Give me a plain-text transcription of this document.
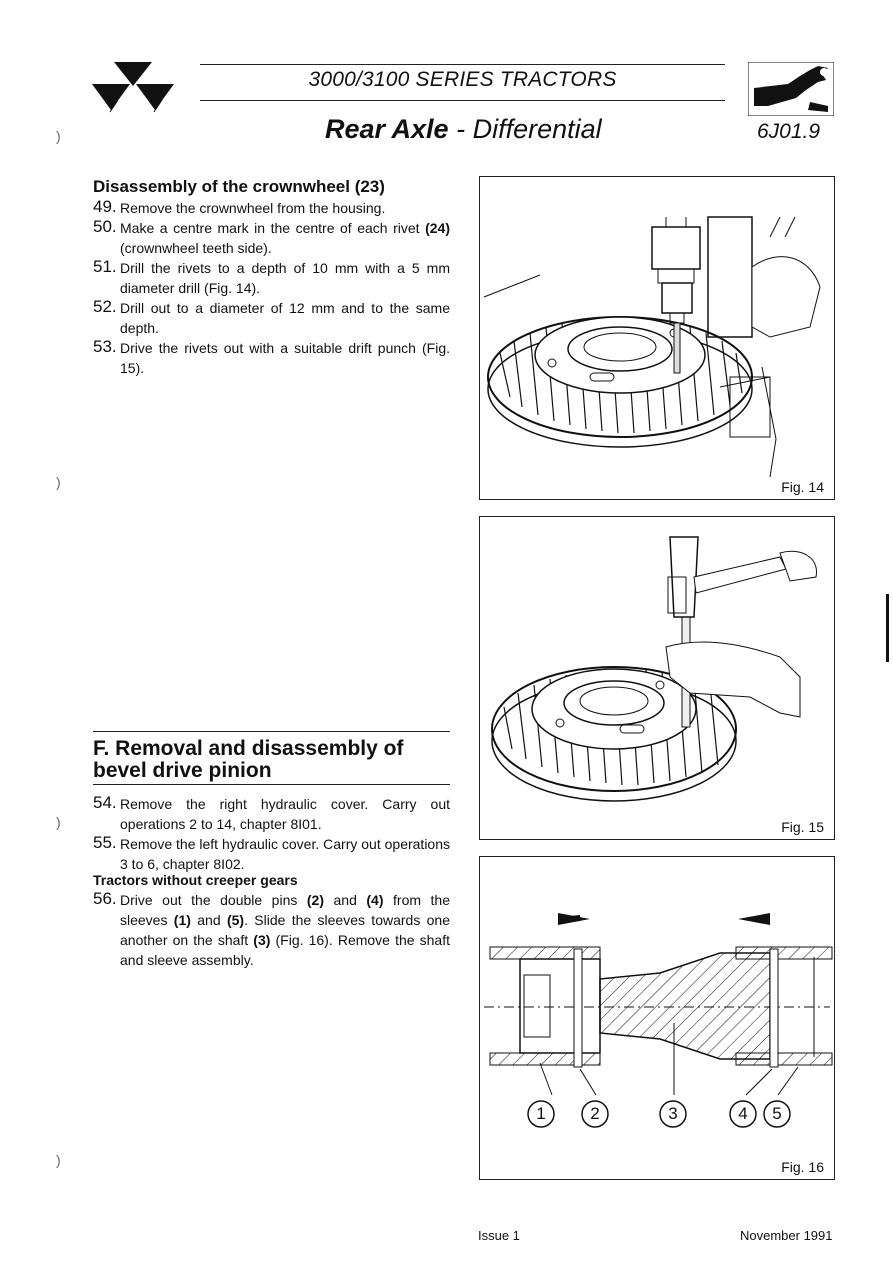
3000/3100 SERIES TRACTORS
Rear Axle - Differential	6J01.9
Disassembly of the crownwheel (23)
49. Remove the crownwheel from the housing.
50. Make a centre mark in the centre of each rivet (24) (crownwheel teeth side).
51. Drill the rivets to a depth of 10 mm with a 5 mm diameter drill (Fig. 14).
52. Drill out to a diameter of 12 mm and to the same depth.
53. Drive the rivets out with a suitable drift punch (Fig. 15).
F. Removal and disassembly of bevel drive pinion
54. Remove the right hydraulic cover. Carry out operations 2 to 14, chapter 8I01.
55. Remove the left hydraulic cover. Carry out operations 3 to 6, chapter 8I02.
Tractors without creeper gears
56. Drive out the double pins (2) and (4) from the sleeves (1) and (5). Slide the sleeves towards one another on the shaft (3) (Fig. 16). Remove the shaft and sleeve assembly.
Fig. 14
Fig. 15
1	2	3	4	5
Fig. 16
)
)
)
)
Issue 1	November 1991
